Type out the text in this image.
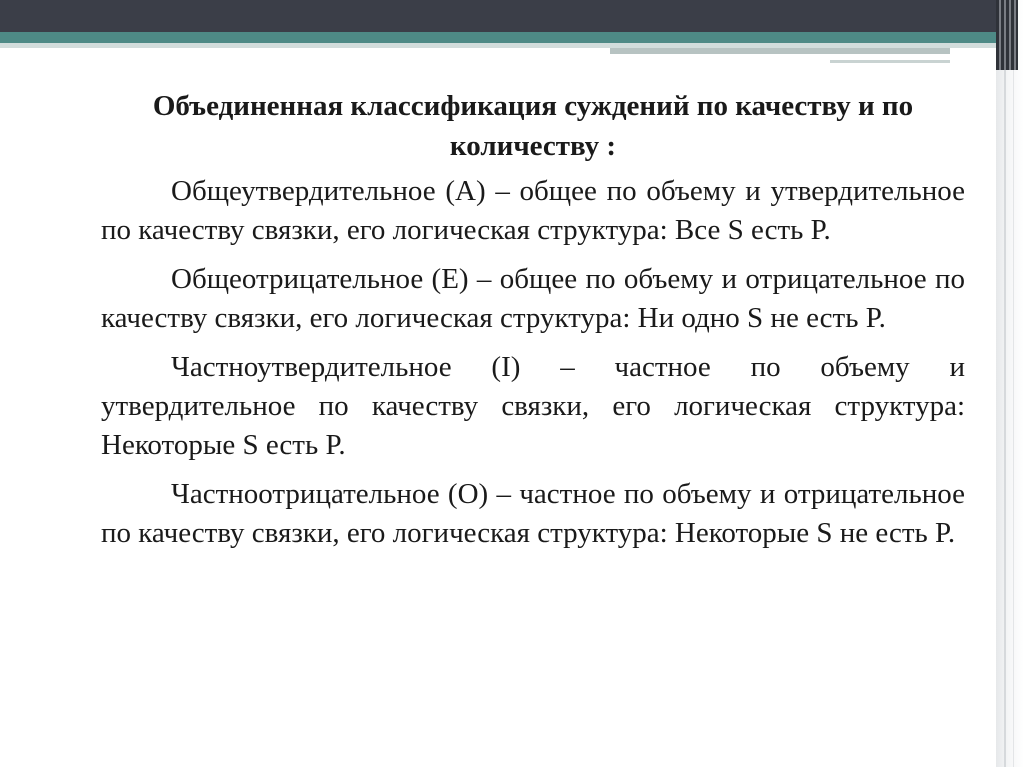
Объединенная классификация суждений по качеству и по количеству :

Общеутвердительное (А) – общее по объему и утвердительное по качеству связки, его логическая структура: Все S есть P.

Общеотрицательное (Е) – общее по объему и отрицательное по качеству связки, его логическая структура: Ни одно S не есть P.

Частноутвердительное (I) – частное по объему и утвердительное по качеству связки, его логическая структура: Некоторые S есть P.

Частноотрицательное (О) – частное по объему и отрицательное по качеству связки, его логическая структура: Некоторые S не есть P.
